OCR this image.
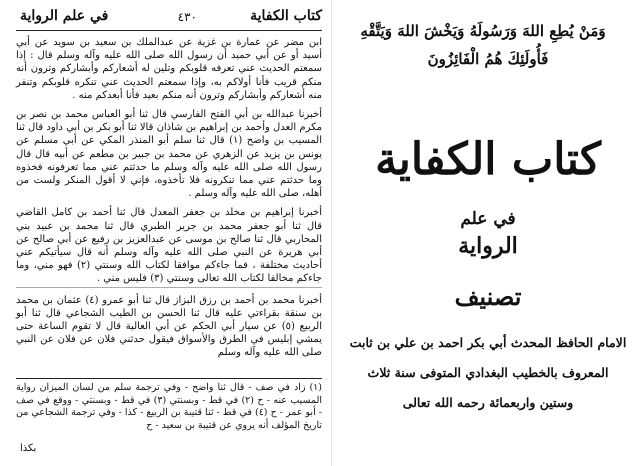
كتاب الكفاية
٤٣٠
في علم الرواية

ابن مضر عن عمارة بن غزية عن عبدالملك بن سعيد بن سويد عن أبي أسيد أو عن أبي حميد أن رسول الله صلى الله عليه وآله وسلم قال : إذا سمعتم الحديث عني تعرفه قلوبكم وتلين له أشعاركم وأبشاركم وترون أنه منكم قريب فأنا أولاكم به، وإذا سمعتم الحديث عني تنكره قلوبكم وتنفر منه أشعاركم وأبشاركم وترون أنه منكم بعيد فأنا أبعدكم منه .

أخبرنا عبدالله بن أبي الفتح الفارسي قال ثنا أبو العباس محمد بن نصر بن مكرم العدل وأحمد بن إبراهيم بن شاذان قالا ثنا أبو بكر بن أبي داود قال ثنا المسيب بن واضح (١) قال ثنا سلم أبو المنذر المكي عن أبي مسلم عن يونس بن يزيد عن الزهري عن محمد بن جبير بن مطعم عن أبيه قال قال رسول الله صلى الله عليه وآله وسلم ما حدثتم عني مما تعرفونه فخذوه وما حدثتم عني مما تنكرونه فلا تأخذوه، فإني لا أقول المنكر ولست من أهله، صلى الله عليه وآله وسلم .

أخبرنا إبراهيم بن مخلد بن جعفر المعدل قال ثنا أحمد بن كامل القاضي قال ثنا أبو جعفر محمد بن جرير الطبري قال ثنا محمد بن عبيد بني المحاربي قال ثنا صالح بن موسى عن عبدالعزيز بن رفيع عن أبي صالح عن أبي هريرة عن النبي صلى الله عليه وآله وسلم أنه قال سيأتيكم عني أحاديث مختلفة ، فما جاءكم موافقا لكتاب الله وسنتي (٢) فهو مني، وما جاءكم مخالفا لكتاب الله تعالى وسنتي (٣) فليس مني .

أخبرنا محمد بن أحمد بن رزق البزاز قال ثنا أبو عمرو (٤) عثمان بن محمد بن سنقة بقراءتي عليه قال ثنا الحسن بن الطيب الشجاعي قال ثنا أبو الربيع (٥) عن سيار أبي الحكم عن أبي العالية قال لا تقوم الساعة حتى يمشي إبليس في الطرق والأسواق فيقول حدثني فلان عن فلان عن النبي صلى الله عليه وآله وسلم

(١) زاد في صف - قال ثنا واضح - وفي ترجمة سلم من لسان الميزان رواية المسيب عنه - ح (٢) في قط - وبسنتي (٣) في قط - وبسنتي - ووقع في صف - أبو عمر - ح (٤) في قط - ثنا قتيبة بن الربيع - كذا - وفي ترجمة الشجاعي من تاريخ المؤلف أنه يروي عن قتيبة بن سعيد - ح

بكذا
وَمَنْ يُطِعِ اللهَ وَرَسُولَهُ وَيَخْشَ اللهَ وَيَتَّقْهِ
فَأُولَئِكَ هُمُ الْفَائِزُونَ
كتاب الكفاية
في علم
الرواية
تصنيف
الامام الحافظ المحدث أبي بكر احمد بن علي بن ثابت
المعروف بالخطيب البغدادي المتوفى سنة ثلاث
وستين واربعمائة رحمه الله تعالى
